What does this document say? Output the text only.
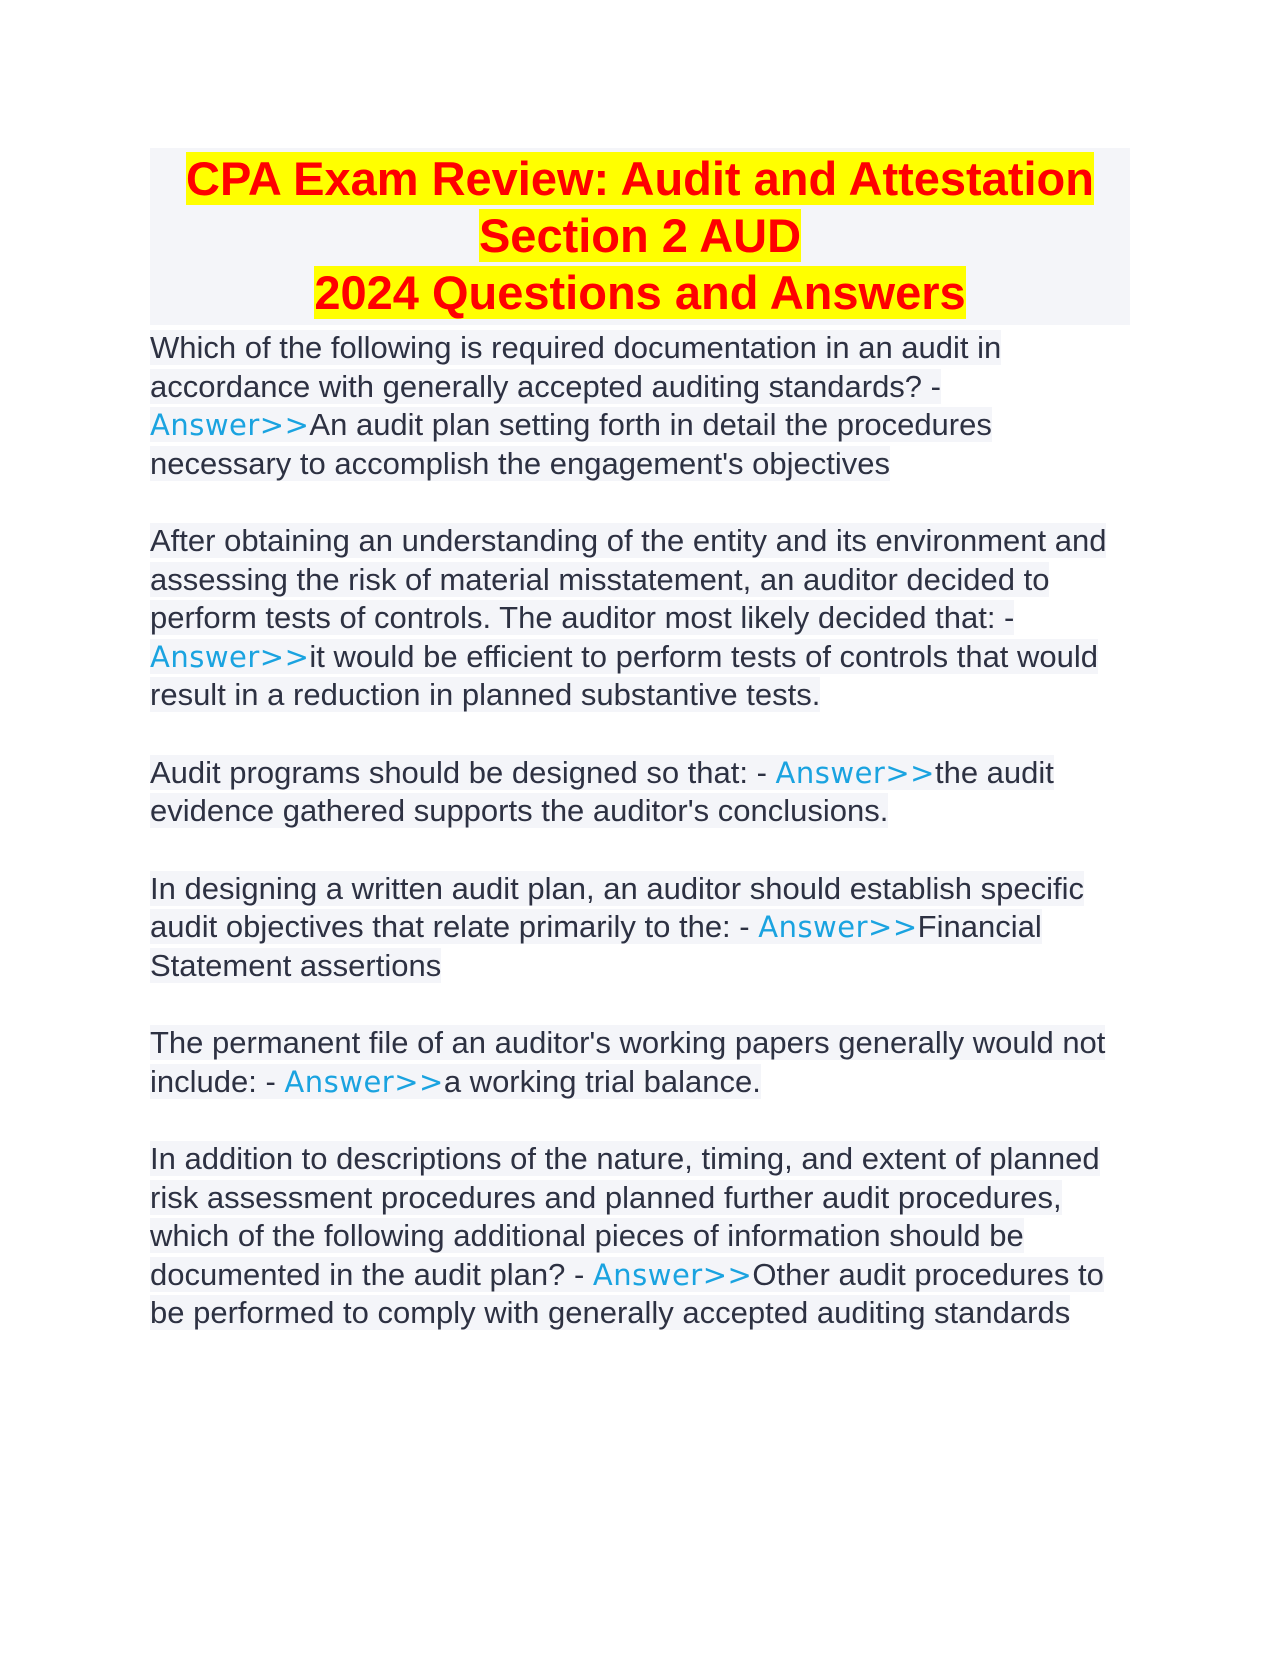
CPA Exam Review: Audit and Attestation
Section 2 AUD
2024 Questions and Answers

Which of the following is required documentation in an audit in accordance with generally accepted auditing standards? - Answer>>An audit plan setting forth in detail the procedures necessary to accomplish the engagement's objectives

After obtaining an understanding of the entity and its environment and assessing the risk of material misstatement, an auditor decided to perform tests of controls. The auditor most likely decided that: - Answer>>it would be efficient to perform tests of controls that would result in a reduction in planned substantive tests.

Audit programs should be designed so that: - Answer>>the audit evidence gathered supports the auditor's conclusions.

In designing a written audit plan, an auditor should establish specific audit objectives that relate primarily to the: - Answer>>Financial Statement assertions

The permanent file of an auditor's working papers generally would not include: - Answer>>a working trial balance.

In addition to descriptions of the nature, timing, and extent of planned risk assessment procedures and planned further audit procedures, which of the following additional pieces of information should be documented in the audit plan? - Answer>>Other audit procedures to be performed to comply with generally accepted auditing standards
